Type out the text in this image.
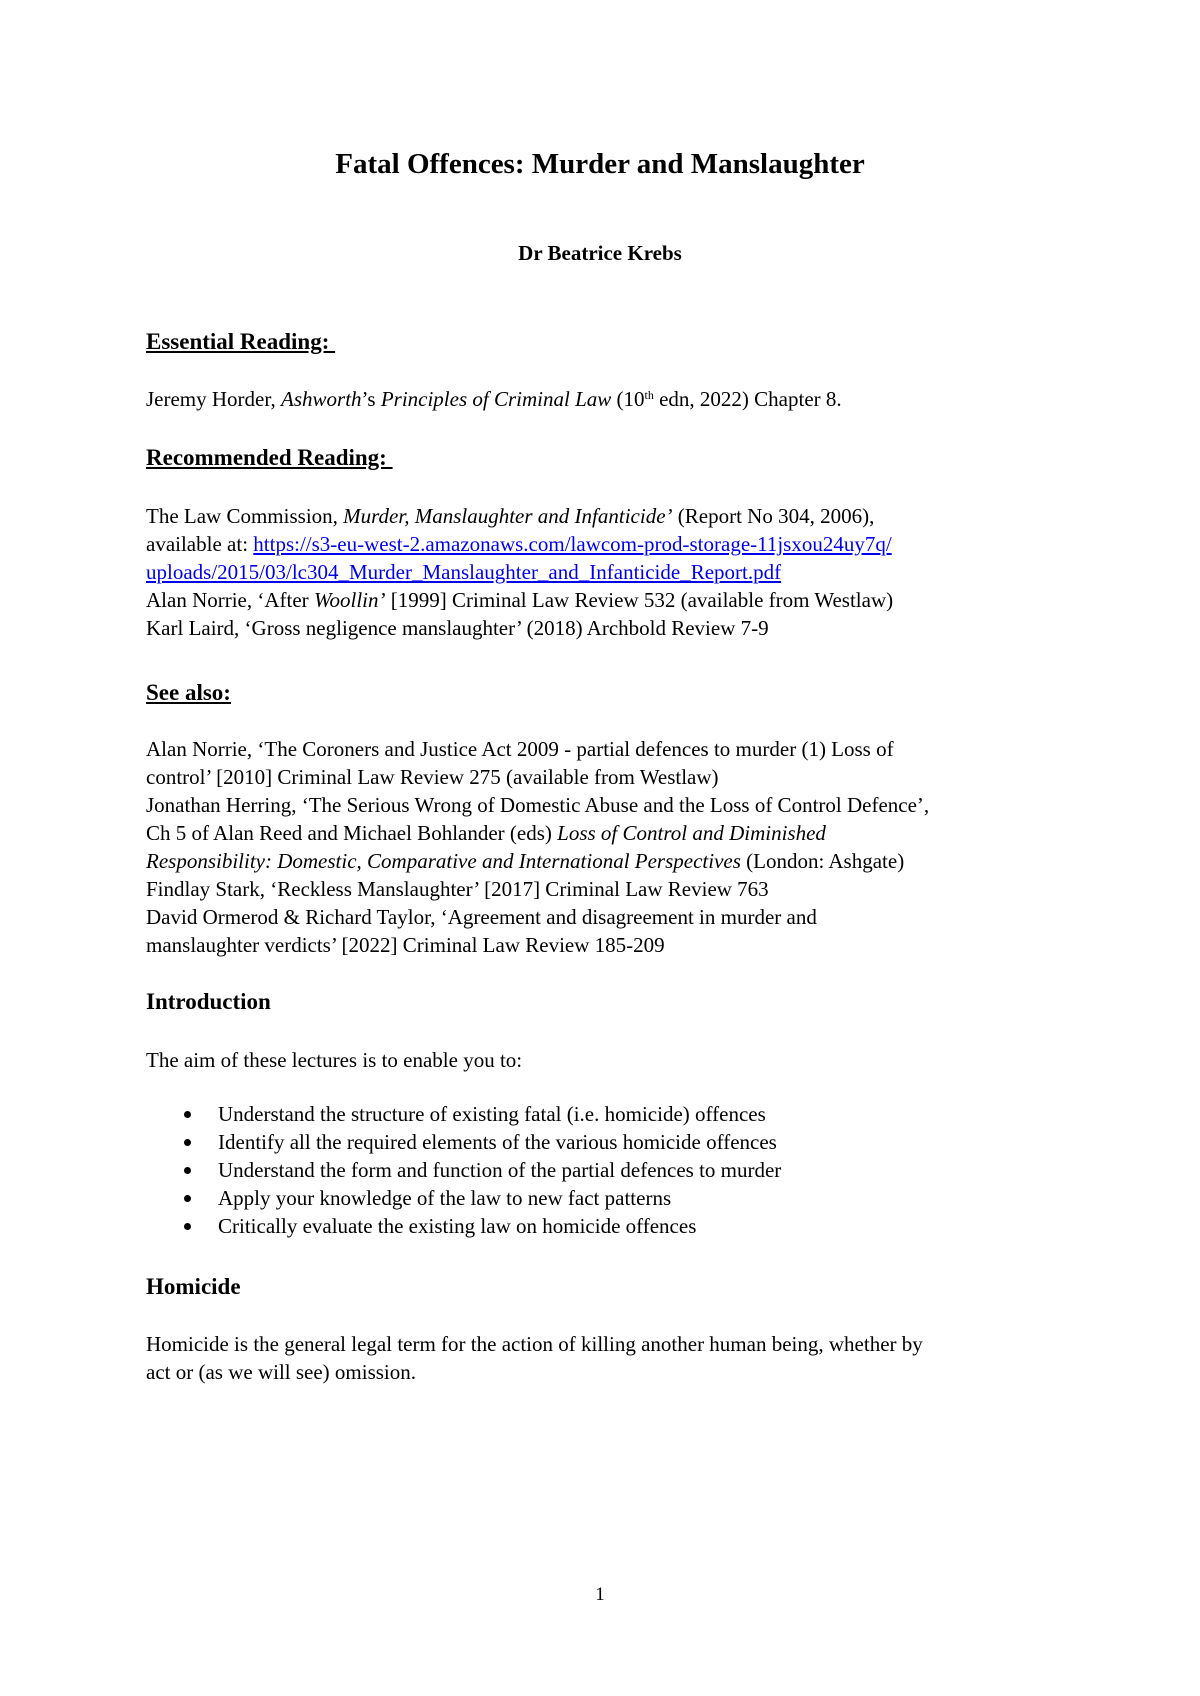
Fatal Offences: Murder and Manslaughter
Dr Beatrice Krebs
Essential Reading:
Jeremy Horder, Ashworth’s Principles of Criminal Law (10th edn, 2022) Chapter 8.
Recommended Reading:
The Law Commission, Murder, Manslaughter and Infanticide’ (Report No 304, 2006),
available at: https://s3-eu-west-2.amazonaws.com/lawcom-prod-storage-11jsxou24uy7q/
uploads/2015/03/lc304_Murder_Manslaughter_and_Infanticide_Report.pdf
Alan Norrie, ‘After Woollin’ [1999] Criminal Law Review 532 (available from Westlaw)
Karl Laird, ‘Gross negligence manslaughter’ (2018) Archbold Review 7-9
See also:
Alan Norrie, ‘The Coroners and Justice Act 2009 - partial defences to murder (1) Loss of
control’ [2010] Criminal Law Review 275 (available from Westlaw)
Jonathan Herring, ‘The Serious Wrong of Domestic Abuse and the Loss of Control Defence’,
Ch 5 of Alan Reed and Michael Bohlander (eds) Loss of Control and Diminished
Responsibility: Domestic, Comparative and International Perspectives (London: Ashgate)
Findlay Stark, ‘Reckless Manslaughter’ [2017] Criminal Law Review 763
David Ormerod & Richard Taylor, ‘Agreement and disagreement in murder and
manslaughter verdicts’ [2022] Criminal Law Review 185-209
Introduction
The aim of these lectures is to enable you to:
Understand the structure of existing fatal (i.e. homicide) offences
Identify all the required elements of the various homicide offences
Understand the form and function of the partial defences to murder
Apply your knowledge of the law to new fact patterns
Critically evaluate the existing law on homicide offences
Homicide
Homicide is the general legal term for the action of killing another human being, whether by
act or (as we will see) omission.
1
